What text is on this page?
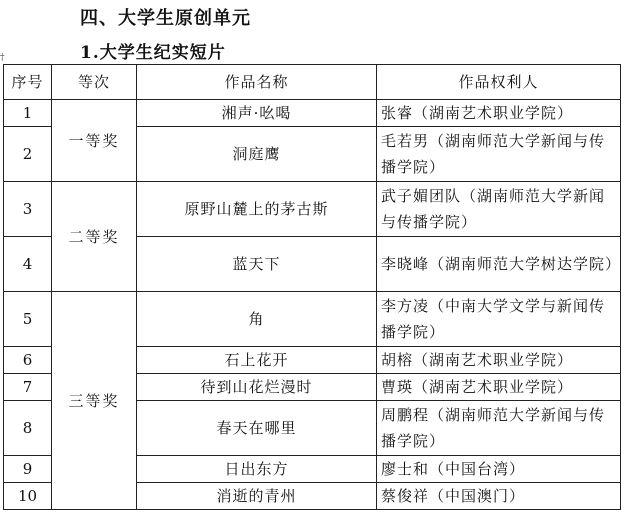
四、大学生原创单元
†	1.大学生纪实短片
序号	等次	作品名称	作品权利人
1	一等奖	湘声·吆喝	张睿（湖南艺术职业学院）
2		洞庭鹰	毛若男（湖南师范大学新闻与传播学院）
3	二等奖	原野山麓上的茅古斯	武子媚团队（湖南师范大学新闻与传播学院）
4		蓝天下	李晓峰（湖南师范大学树达学院）
5	三等奖	角	李方凌（中南大学文学与新闻传播学院）
6		石上花开	胡榕（湖南艺术职业学院）
7		待到山花烂漫时	曹瑛（湖南艺术职业学院）
8		春天在哪里	周鹏程（湖南师范大学新闻与传播学院）
9		日出东方	廖士和（中国台湾）
10		消逝的青州	蔡俊祥（中国澳门）
